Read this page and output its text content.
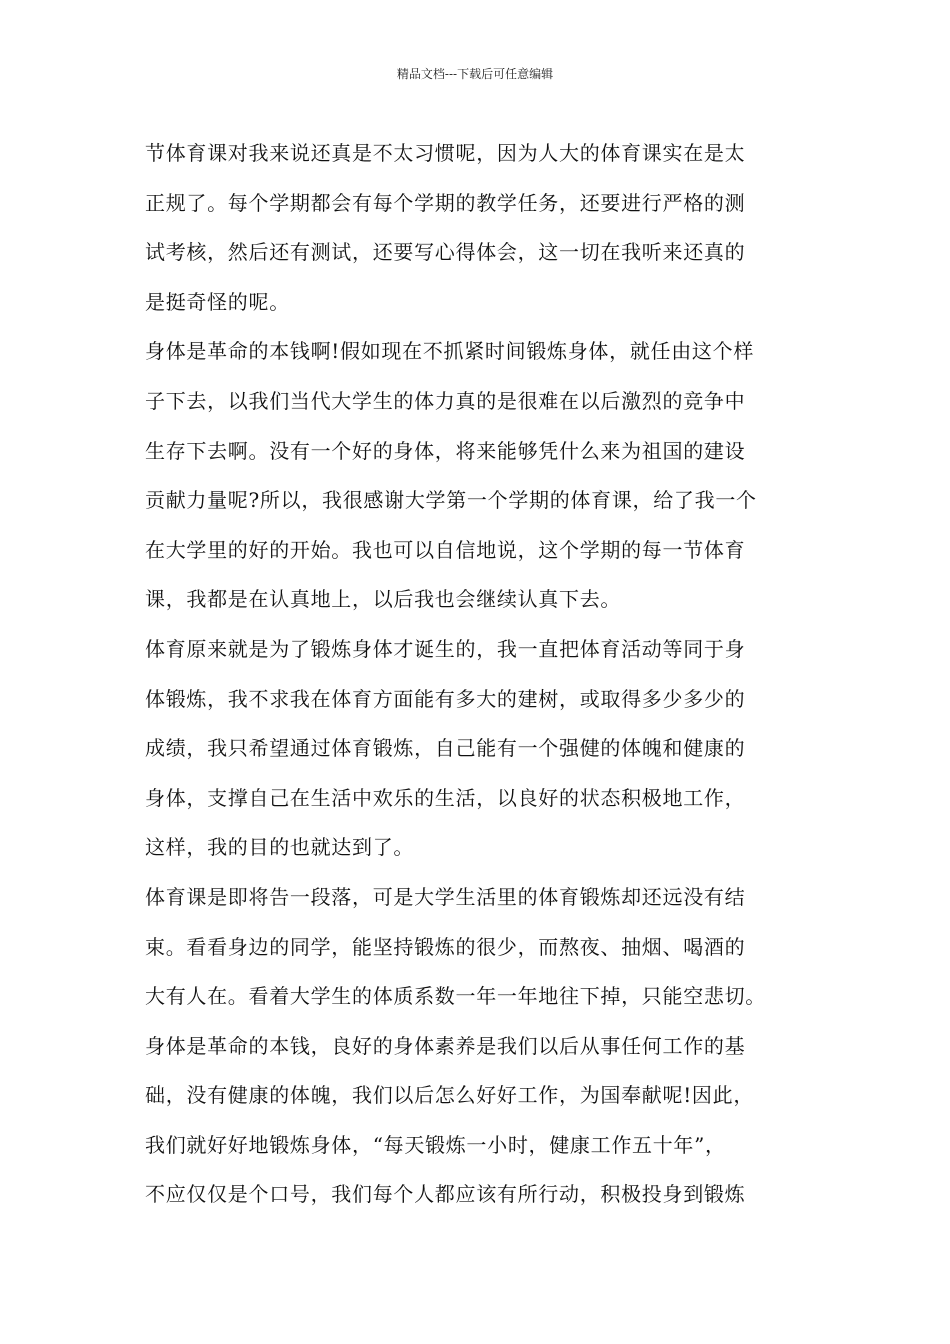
精品文档---下载后可任意编辑
节体育课对我来说还真是不太习惯呢，因为人大的体育课实在是太
正规了。每个学期都会有每个学期的教学任务，还要进行严格的测
试考核，然后还有测试，还要写心得体会，这一切在我听来还真的
是挺奇怪的呢。
身体是革命的本钱啊!假如现在不抓紧时间锻炼身体，就任由这个样
子下去，以我们当代大学生的体力真的是很难在以后激烈的竞争中
生存下去啊。没有一个好的身体，将来能够凭什么来为祖国的建设
贡献力量呢?所以，我很感谢大学第一个学期的体育课，给了我一个
在大学里的好的开始。我也可以自信地说，这个学期的每一节体育
课，我都是在认真地上，以后我也会继续认真下去。
体育原来就是为了锻炼身体才诞生的，我一直把体育活动等同于身
体锻炼，我不求我在体育方面能有多大的建树，或取得多少多少的
成绩，我只希望通过体育锻炼，自己能有一个强健的体魄和健康的
身体，支撑自己在生活中欢乐的生活，以良好的状态积极地工作，
这样，我的目的也就达到了。
体育课是即将告一段落，可是大学生活里的体育锻炼却还远没有结
束。看看身边的同学，能坚持锻炼的很少，而熬夜、抽烟、喝酒的
大有人在。看着大学生的体质系数一年一年地往下掉，只能空悲切。
身体是革命的本钱，良好的身体素养是我们以后从事任何工作的基
础，没有健康的体魄，我们以后怎么好好工作，为国奉献呢!因此，
我们就好好地锻炼身体，“每天锻炼一小时，健康工作五十年”，
不应仅仅是个口号，我们每个人都应该有所行动，积极投身到锻炼
